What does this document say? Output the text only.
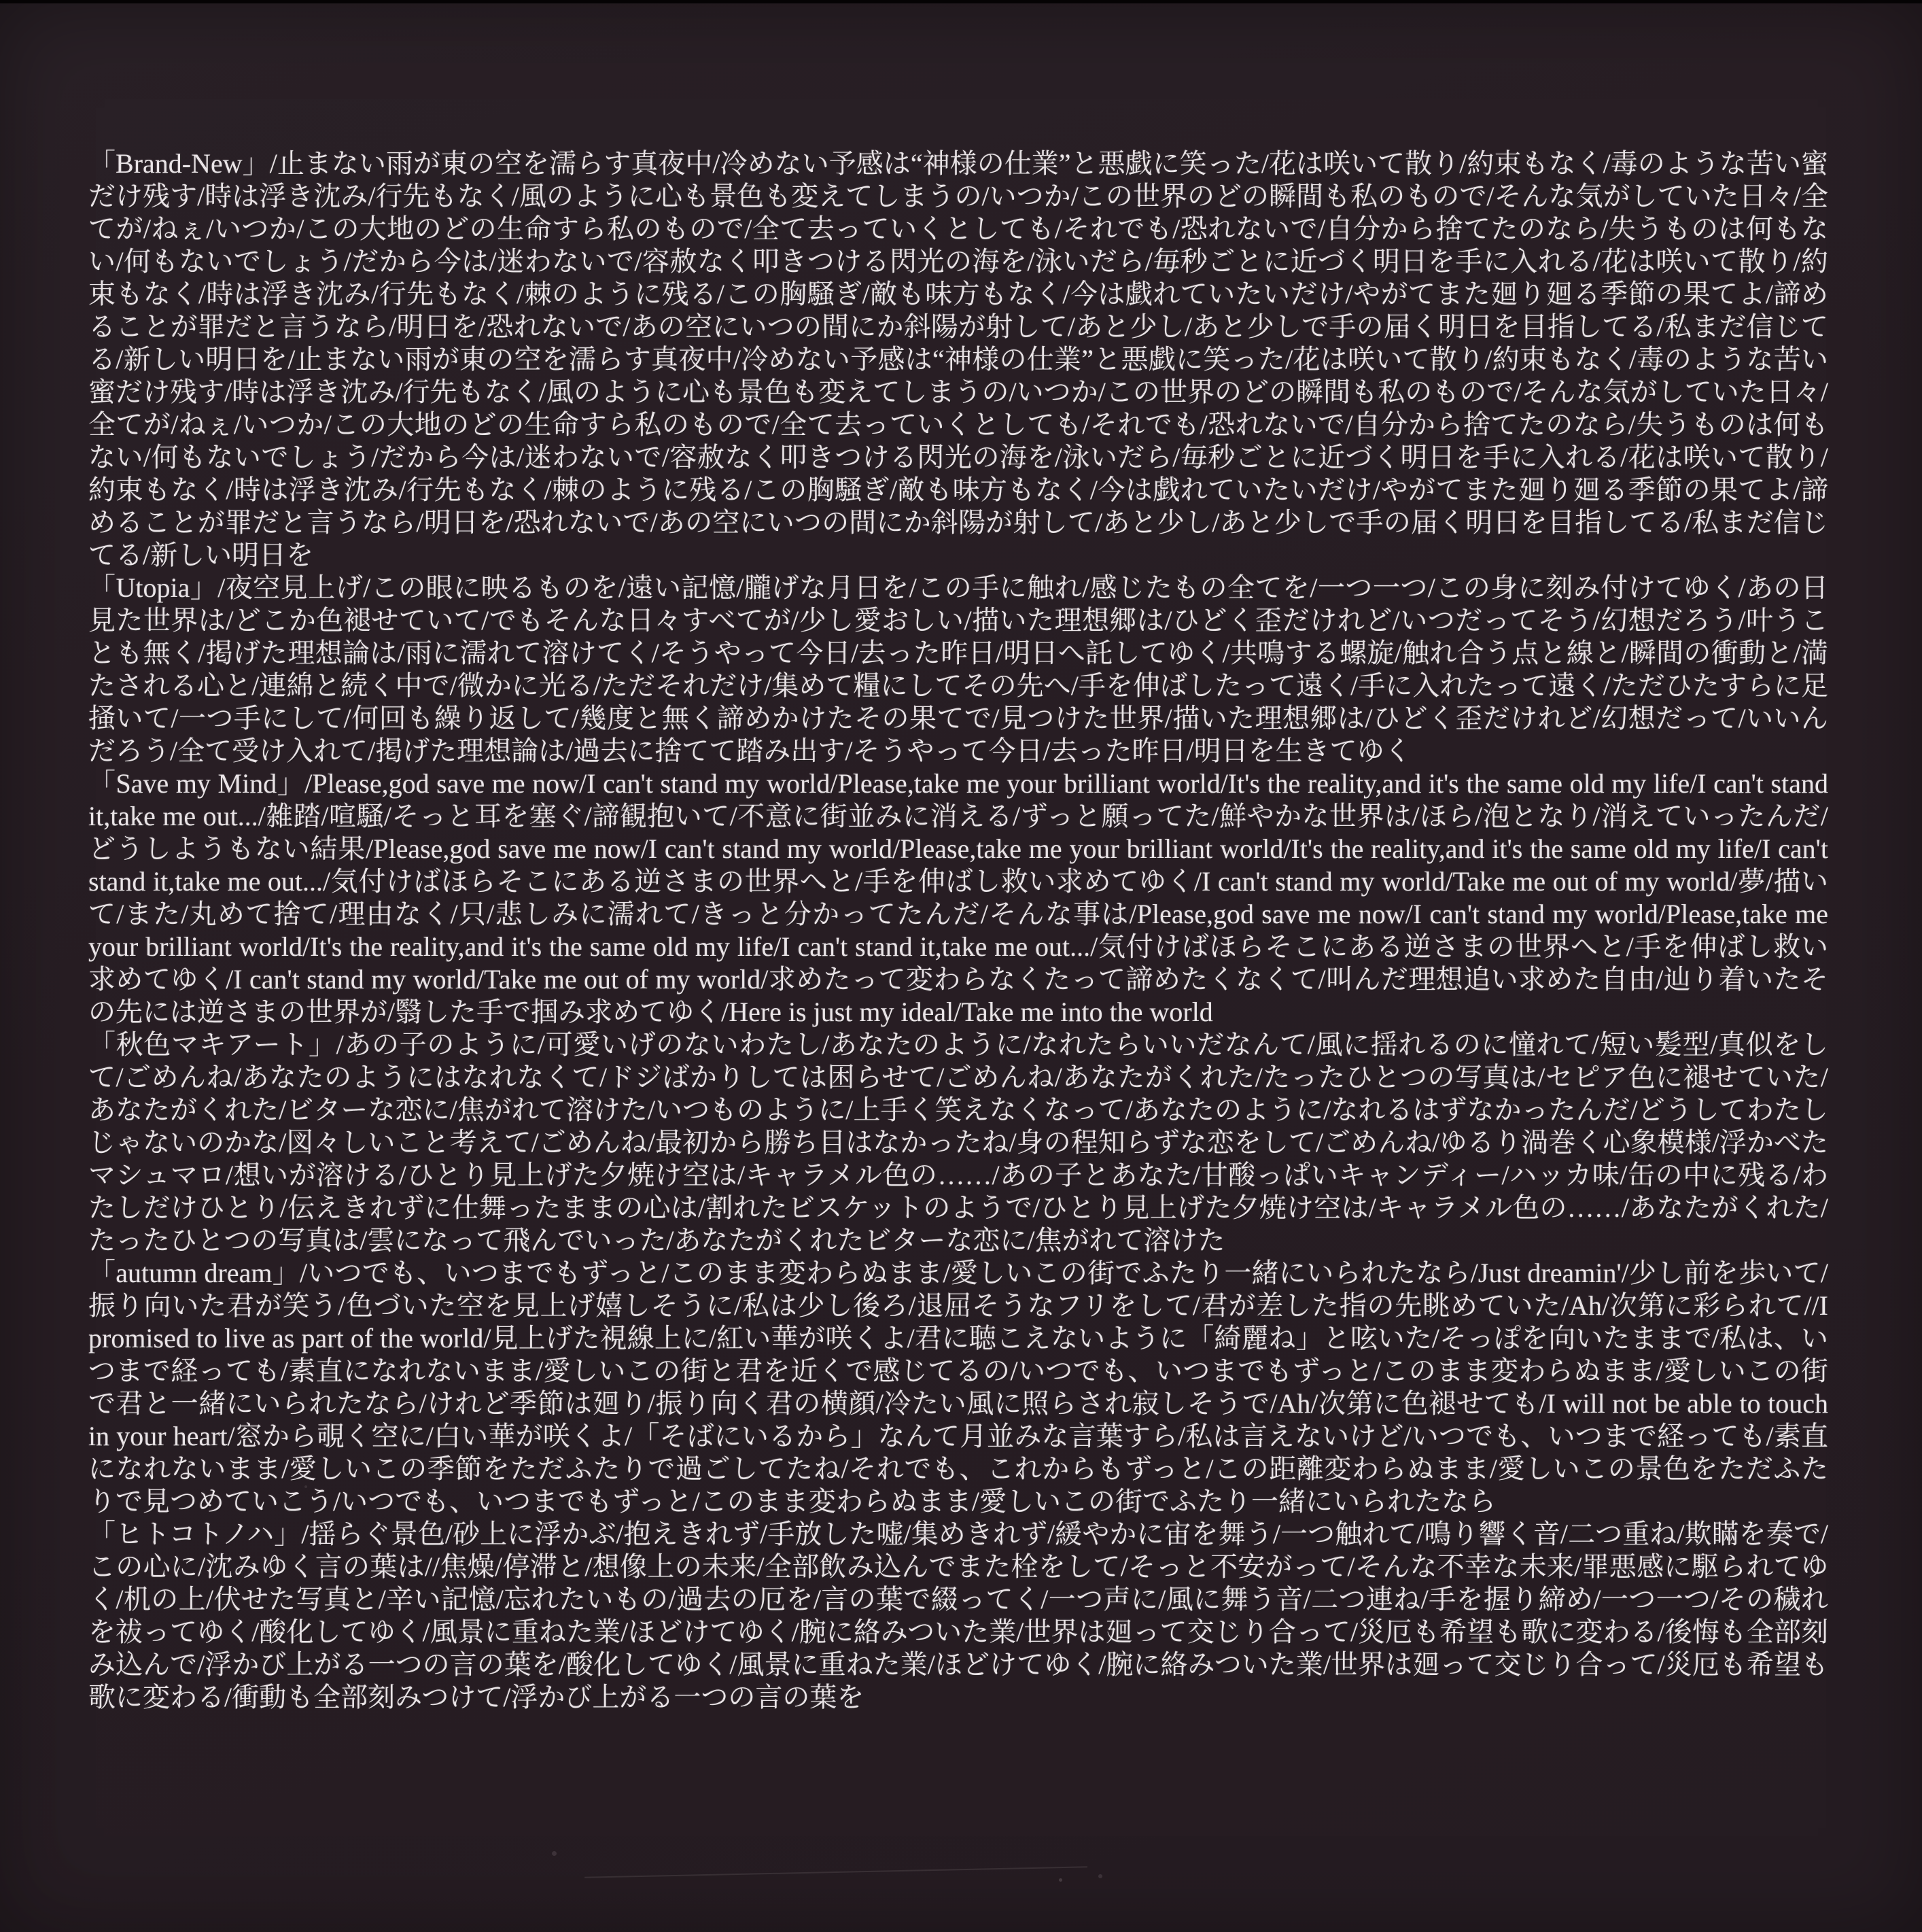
「Brand-New」/止まない雨が東の空を濡らす真夜中/冷めない予感は“神様の仕業”と悪戯に笑った/花は咲いて散り/約束もなく/毒のような苦い蜜だけ残す/時は浮き沈み/行先もなく/風のように心も景色も変えてしまうの/いつか/この世界のどの瞬間も私のもので/そんな気がしていた日々/全てが/ねぇ/いつか/この大地のどの生命すら私のもので/全て去っていくとしても/それでも/恐れないで/自分から捨てたのなら/失うものは何もない/何もないでしょう/だから今は/迷わないで/容赦なく叩きつける閃光の海を/泳いだら/毎秒ごとに近づく明日を手に入れる/花は咲いて散り/約束もなく/時は浮き沈み/行先もなく/棘のように残る/この胸騒ぎ/敵も味方もなく/今は戯れていたいだけ/やがてまた廻り廻る季節の果てよ/諦めることが罪だと言うなら/明日を/恐れないで/あの空にいつの間にか斜陽が射して/あと少し/あと少しで手の届く明日を目指してる/私まだ信じてる/新しい明日を/止まない雨が東の空を濡らす真夜中/冷めない予感は“神様の仕業”と悪戯に笑った/花は咲いて散り/約束もなく/毒のような苦い蜜だけ残す/時は浮き沈み/行先もなく/風のように心も景色も変えてしまうの/いつか/この世界のどの瞬間も私のもので/そんな気がしていた日々/全てが/ねぇ/いつか/この大地のどの生命すら私のもので/全て去っていくとしても/それでも/恐れないで/自分から捨てたのなら/失うものは何もない/何もないでしょう/だから今は/迷わないで/容赦なく叩きつける閃光の海を/泳いだら/毎秒ごとに近づく明日を手に入れる/花は咲いて散り/約束もなく/時は浮き沈み/行先もなく/棘のように残る/この胸騒ぎ/敵も味方もなく/今は戯れていたいだけ/やがてまた廻り廻る季節の果てよ/諦めることが罪だと言うなら/明日を/恐れないで/あの空にいつの間にか斜陽が射して/あと少し/あと少しで手の届く明日を目指してる/私まだ信じてる/新しい明日を

「Utopia」/夜空見上げ/この眼に映るものを/遠い記憶/朧げな月日を/この手に触れ/感じたもの全てを/一つ一つ/この身に刻み付けてゆく/あの日見た世界は/どこか色褪せていて/でもそんな日々すべてが/少し愛おしい/描いた理想郷は/ひどく歪だけれど/いつだってそう/幻想だろう/叶うことも無く/掲げた理想論は/雨に濡れて溶けてく/そうやって今日/去った昨日/明日へ託してゆく/共鳴する螺旋/触れ合う点と線と/瞬間の衝動と/満たされる心と/連綿と続く中で/微かに光る/ただそれだけ/集めて糧にしてその先へ/手を伸ばしたって遠く/手に入れたって遠く/ただひたすらに足掻いて/一つ手にして/何回も繰り返して/幾度と無く諦めかけたその果てで/見つけた世界/描いた理想郷は/ひどく歪だけれど/幻想だって/いいんだろう/全て受け入れて/掲げた理想論は/過去に捨てて踏み出す/そうやって今日/去った昨日/明日を生きてゆく

「Save my Mind」/Please,god save me now/I can't stand my world/Please,take me your brilliant world/It's the reality,and it's the same old my life/I can't stand it,take me out.../雑踏/喧騒/そっと耳を塞ぐ/諦観抱いて/不意に街並みに消える/ずっと願ってた/鮮やかな世界は/ほら/泡となり/消えていったんだ/どうしようもない結果/Please,god save me now/I can't stand my world/Please,take me your brilliant world/It's the reality,and it's the same old my life/I can't stand it,take me out.../気付けばほらそこにある逆さまの世界へと/手を伸ばし救い求めてゆく/I can't stand my world/Take me out of my world/夢/描いて/また/丸めて捨て/理由なく/只/悲しみに濡れて/きっと分かってたんだ/そんな事は/Please,god save me now/I can't stand my world/Please,take me your brilliant world/It's the reality,and it's the same old my life/I can't stand it,take me out.../気付けばほらそこにある逆さまの世界へと/手を伸ばし救い求めてゆく/I can't stand my world/Take me out of my world/求めたって変わらなくたって諦めたくなくて/叫んだ理想追い求めた自由/辿り着いたその先には逆さまの世界が/翳した手で掴み求めてゆく/Here is just my ideal/Take me into the world

「秋色マキアート」/あの子のように/可愛いげのないわたし/あなたのように/なれたらいいだなんて/風に揺れるのに憧れて/短い髪型/真似をして/ごめんね/あなたのようにはなれなくて/ドジばかりしては困らせて/ごめんね/あなたがくれた/たったひとつの写真は/セピア色に褪せていた/あなたがくれた/ビターな恋に/焦がれて溶けた/いつものように/上手く笑えなくなって/あなたのように/なれるはずなかったんだ/どうしてわたしじゃないのかな/図々しいこと考えて/ごめんね/最初から勝ち目はなかったね/身の程知らずな恋をして/ごめんね/ゆるり渦巻く心象模様/浮かべたマシュマロ/想いが溶ける/ひとり見上げた夕焼け空は/キャラメル色の……/あの子とあなた/甘酸っぱいキャンディー/ハッカ味/缶の中に残る/わたしだけひとり/伝えきれずに仕舞ったままの心は/割れたビスケットのようで/ひとり見上げた夕焼け空は/キャラメル色の……/あなたがくれた/たったひとつの写真は/雲になって飛んでいった/あなたがくれたビターな恋に/焦がれて溶けた

「autumn dream」/いつでも、いつまでもずっと/このまま変わらぬまま/愛しいこの街でふたり一緒にいられたなら/Just dreamin'/少し前を歩いて/振り向いた君が笑う/色づいた空を見上げ嬉しそうに/私は少し後ろ/退屈そうなフリをして/君が差した指の先眺めていた/Ah/次第に彩られて//I promised to live as part of the world/見上げた視線上に/紅い華が咲くよ/君に聴こえないように「綺麗ね」と呟いた/そっぽを向いたままで/私は、いつまで経っても/素直になれないまま/愛しいこの街と君を近くで感じてるの/いつでも、いつまでもずっと/このまま変わらぬまま/愛しいこの街で君と一緒にいられたなら/けれど季節は廻り/振り向く君の横顔/冷たい風に照らされ寂しそうで/Ah/次第に色褪せても/I will not be able to touch in your heart/窓から覗く空に/白い華が咲くよ/「そばにいるから」なんて月並みな言葉すら/私は言えないけど/いつでも、いつまで経っても/素直になれないまま/愛しいこの季節をただふたりで過ごしてたね/それでも、これからもずっと/この距離変わらぬまま/愛しいこの景色をただふたりで見つめていこう/いつでも、いつまでもずっと/このまま変わらぬまま/愛しいこの街でふたり一緒にいられたなら

「ヒトコトノハ」/揺らぐ景色/砂上に浮かぶ/抱えきれず/手放した嘘/集めきれず/緩やかに宙を舞う/一つ触れて/鳴り響く音/二つ重ね/欺瞞を奏で/この心に/沈みゆく言の葉は//焦燥/停滞と/想像上の未来/全部飲み込んでまた栓をして/そっと不安がって/そんな不幸な未来/罪悪感に駆られてゆく/机の上/伏せた写真と/辛い記憶/忘れたいもの/過去の厄を/言の葉で綴ってく/一つ声に/風に舞う音/二つ連ね/手を握り締め/一つ一つ/その穢れを祓ってゆく/酸化してゆく/風景に重ねた業/ほどけてゆく/腕に絡みついた業/世界は廻って交じり合って/災厄も希望も歌に変わる/後悔も全部刻み込んで/浮かび上がる一つの言の葉を/酸化してゆく/風景に重ねた業/ほどけてゆく/腕に絡みついた業/世界は廻って交じり合って/災厄も希望も歌に変わる/衝動も全部刻みつけて/浮かび上がる一つの言の葉を
